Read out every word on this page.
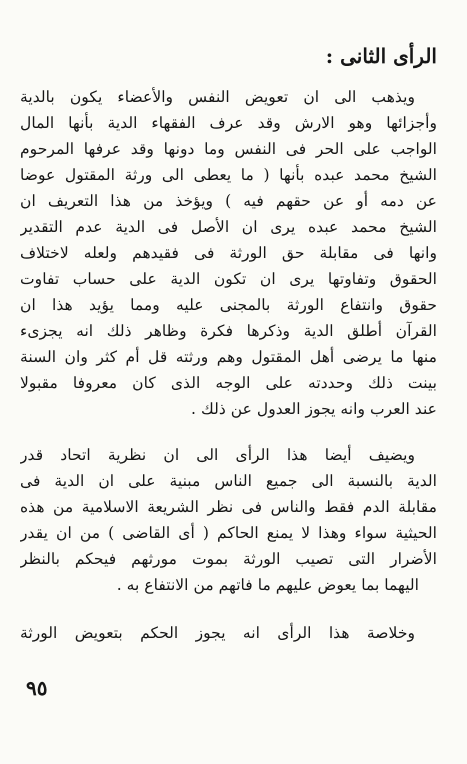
الرأى الثانى :

ويذهب الى ان تعويض النفس والأعضاء يكون بالدية
وأجزائها وهو الارش وقد عرف الفقهاء الدية بأنها المال
الواجب على الحر فى النفس وما دونها وقد عرفها المرحوم
الشيخ محمد عبده بأنها ( ما يعطى الى ورثة المقتول عوضا
عن دمه أو عن حقهم فيه ) ويؤخذ من هذا التعريف ان
الشيخ محمد عبده يرى ان الأصل فى الدية عدم التقدير
وانها فى مقابلة حق الورثة فى فقيدهم ولعله لاختلاف
الحقوق وتفاوتها يرى ان تكون الدية على حساب تفاوت
حقوق وانتفاع الورثة بالمجنى عليه ومما يؤيد هذا ان
القرآن أطلق الدية وذكرها فكرة وظاهر ذلك انه يجزىء
منها ما يرضى أهل المقتول وهم ورثته قل أم كثر وان السنة
بينت ذلك وحددته على الوجه الذى كان معروفا مقبولا
عند العرب وانه يجوز العدول عن ذلك .

ويضيف أيضا هذا الرأى الى ان نظرية اتحاد قدر
الدية بالنسبة الى جميع الناس مبنية على ان الدية فى
مقابلة الدم فقط والناس فى نظر الشريعة الاسلامية من هذه
الحيثية سواء وهذا لا يمنع الحاكم ( أى القاضى ) من ان يقدر
الأضرار التى تصيب الورثة بموت مورثهم فيحكم بالنظر
اليهما بما يعوض عليهم ما فاتهم من الانتفاع به .

وخلاصة هذا الرأى انه يجوز الحكم بتعويض الورثة

٩٥
